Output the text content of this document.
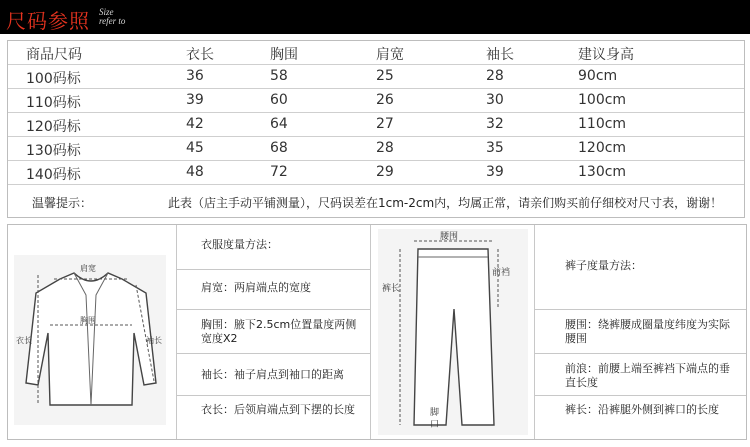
尺码参照 Size
refer to
商品尺码	衣长	胸围	肩宽	袖长	建议身高
100码标	36	58	25	28	90cm
110码标	39	60	26	30	100cm
120码标	42	64	27	32	110cm
130码标	45	68	28	35	120cm
140码标	48	72	29	39	130cm
温馨提示：	此表（店主手动平铺测量），尺码误差在1cm-2cm内，均属正常，请亲们购买前仔细校对尺寸表，谢谢！
肩宽
胸围
衣长	袖长
衣服度量方法：
肩宽：两肩端点的宽度
胸围：腋下2.5cm位置量度两侧宽度X2
袖长：袖子肩点到袖口的距离
衣长：后领肩端点到下摆的长度
腰围
前裆
裤长
脚
口
裤子度量方法：
腰围：绕裤腰成圈量度纬度为实际腰围
前浪：前腰上端至裤裆下端点的垂直长度
裤长：沿裤腿外侧到裤口的长度
